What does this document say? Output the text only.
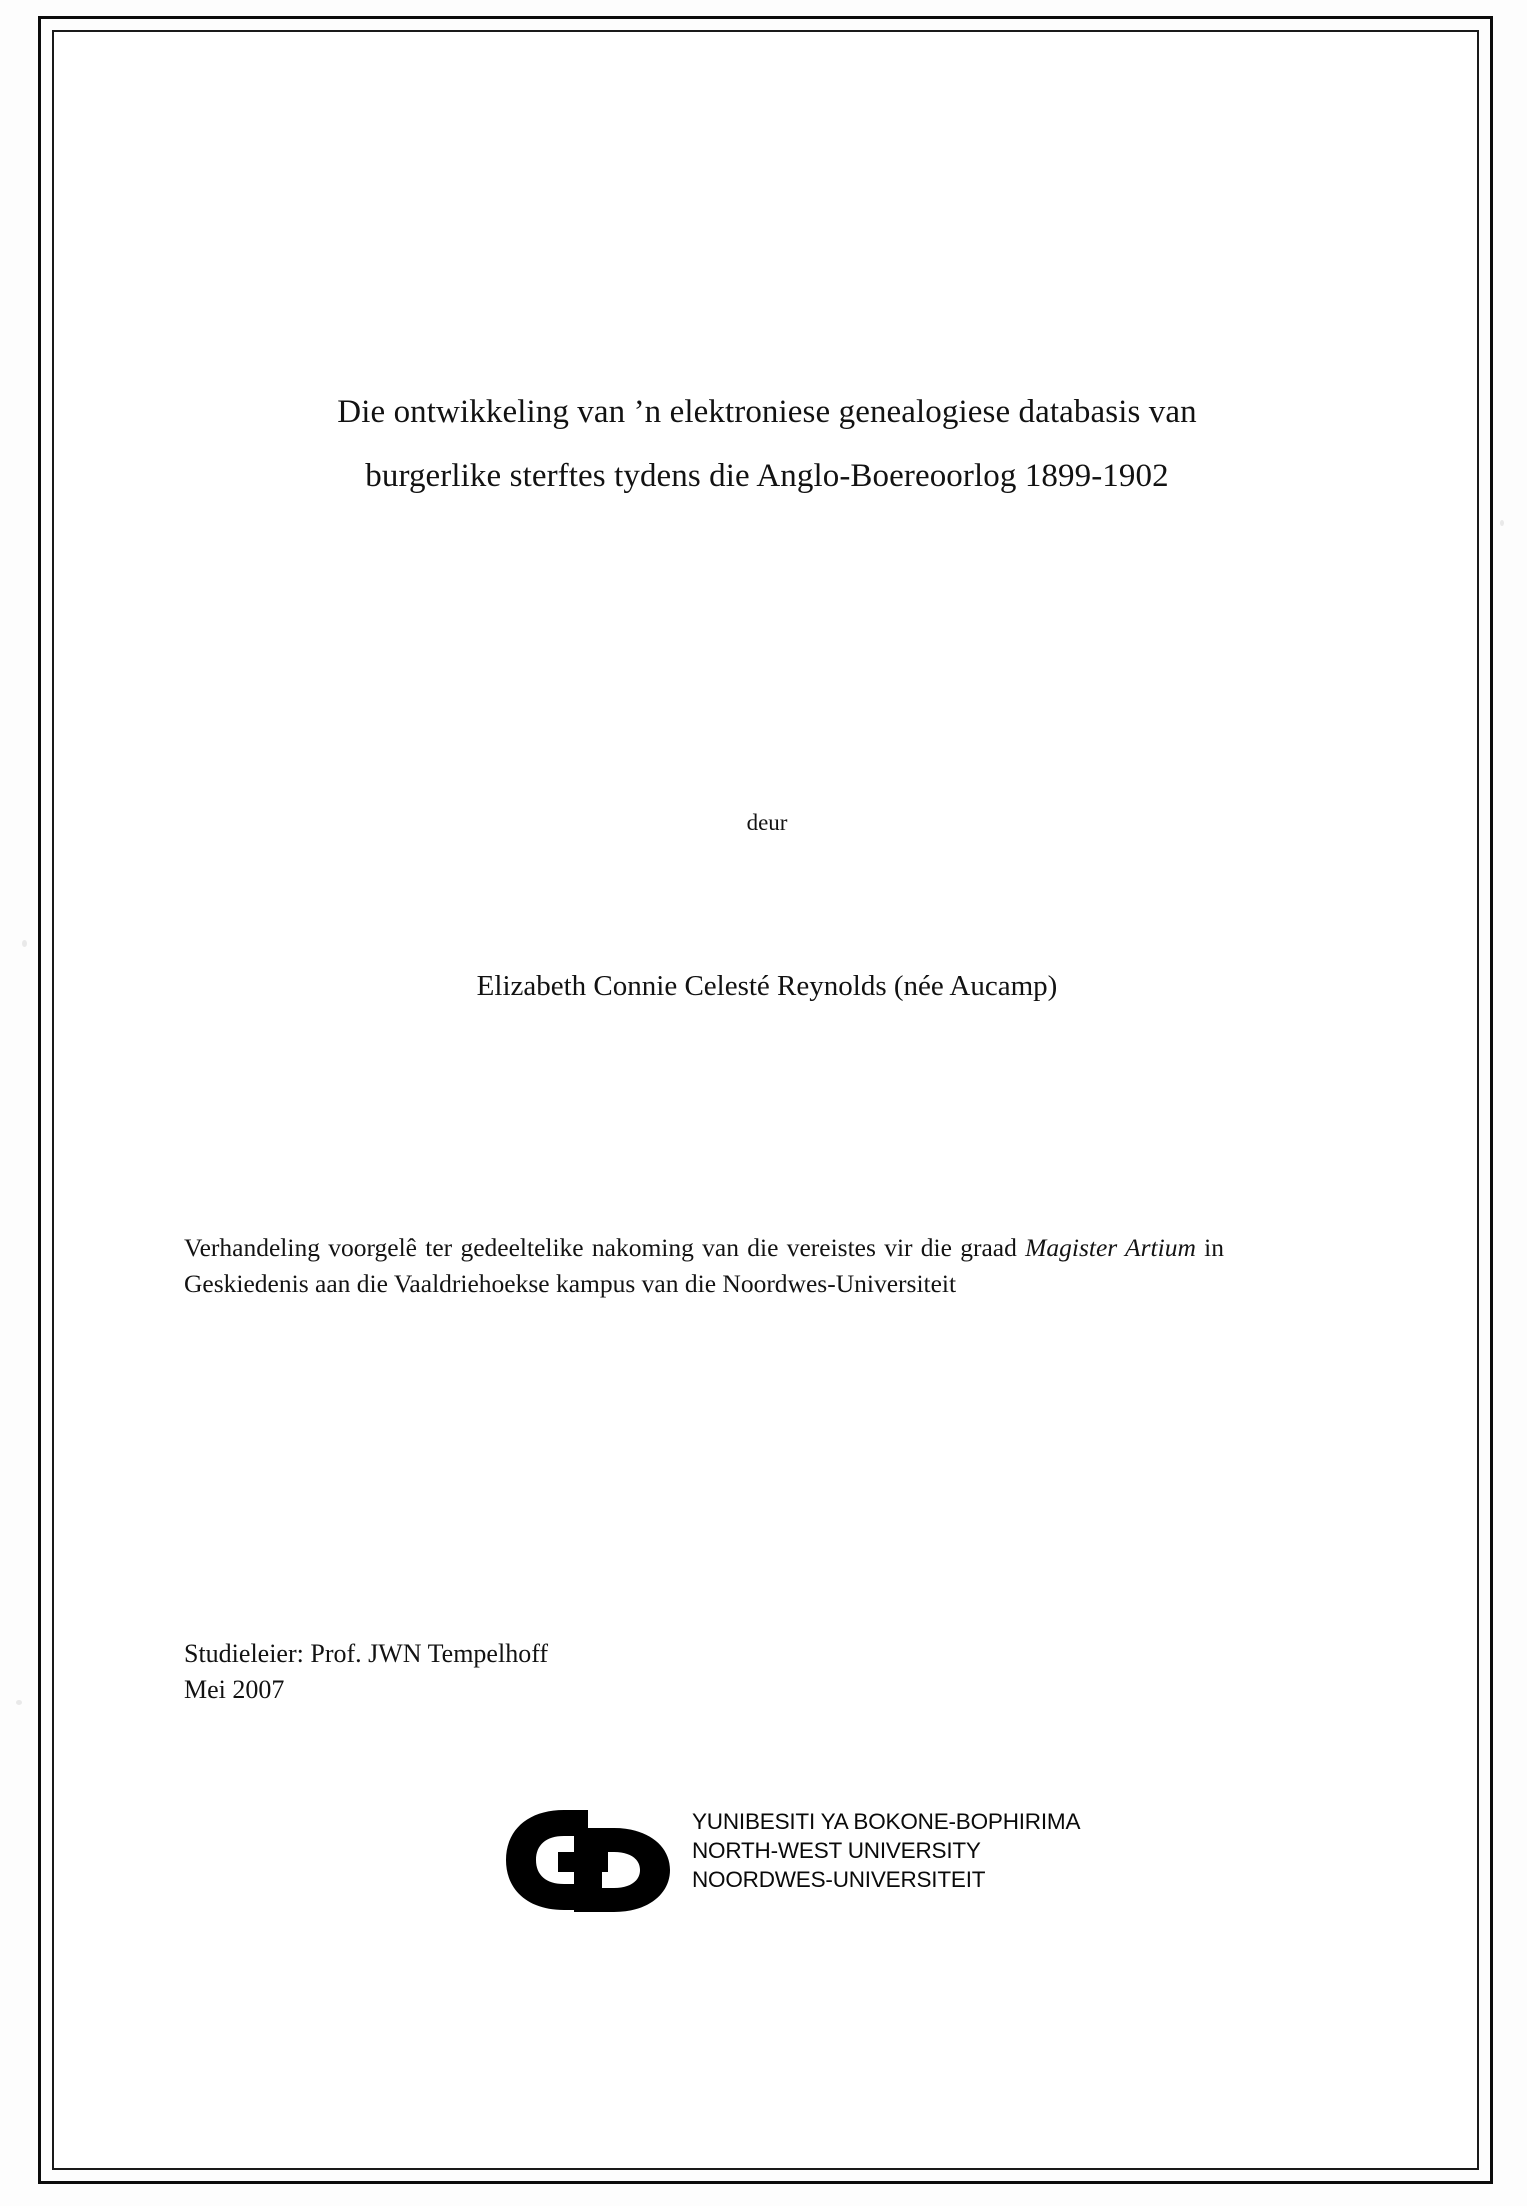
Die ontwikkeling van ’n elektroniese genealogiese databasis van
burgerlike sterftes tydens die Anglo-Boereoorlog 1899-1902
deur
Elizabeth Connie Celesté Reynolds (née Aucamp)
Verhandeling voorgelê ter gedeeltelike nakoming van die vereistes vir die graad Magister Artium in Geskiedenis aan die Vaaldriehoekse kampus van die Noordwes-Universiteit
Studieleier: Prof. JWN Tempelhoff
Mei 2007
YUNIBESITI YA BOKONE-BOPHIRIMA
NORTH-WEST UNIVERSITY
NOORDWES-UNIVERSITEIT
